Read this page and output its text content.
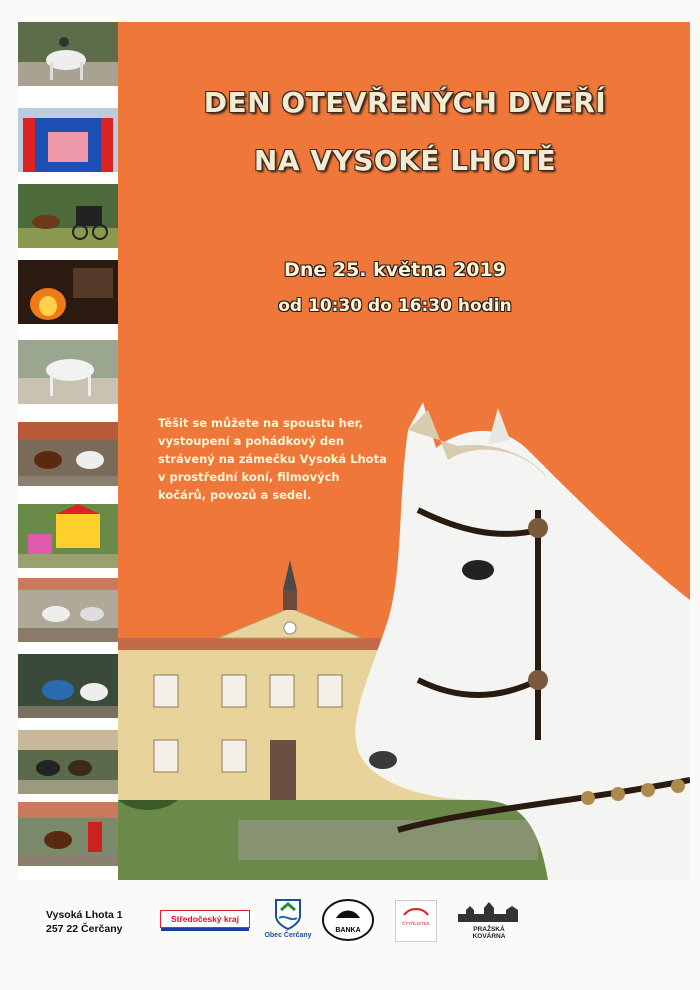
DEN OTEVŘENÝCH DVEŘÍ
NA VYSOKÉ LHOTĚ
Dne 25. května 2019
od 10:30 do 16:30 hodin
Těšit se můžete na spoustu her, vystoupení a pohádkový den strávený na zámečku Vysoká Lhota v prostřední koní, filmových kočárů, povozů a sedel.
Vysoká Lhota 1
257 22 Čerčany
Středočeský kraj
Obec Čerčany
BANKA
ČTYŘLÍSTEK
PRAŽSKÁ KOVÁRNA
